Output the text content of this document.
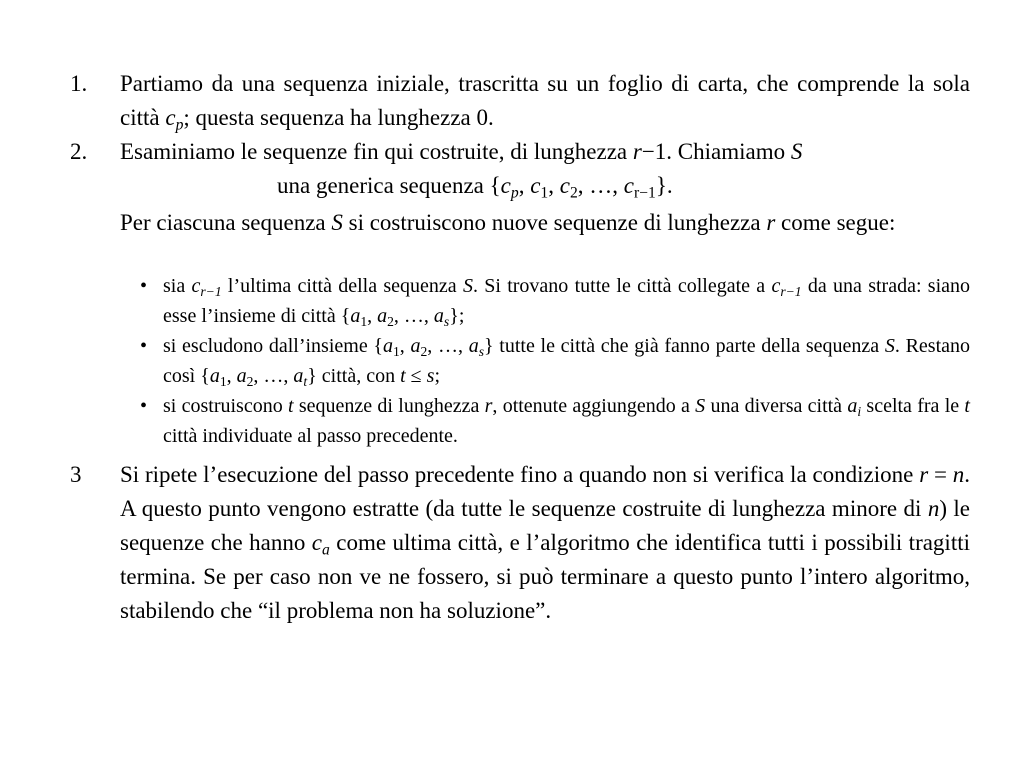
1. Partiamo da una sequenza iniziale, trascritta su un foglio di carta, che comprende la sola città $c_p$; questa sequenza ha lunghezza 0.
2. Esaminiamo le sequenze fin qui costruite, di lunghezza r−1. Chiamiamo S
una generica sequenza {$c_p$, $c_1$, $c_2$, …, $c_{r-1}$}.
Per ciascuna sequenza S si costruiscono nuove sequenze di lunghezza r come segue:
• sia $c_{r-1}$ l’ultima città della sequenza S. Si trovano tutte le città collegate a $c_{r-1}$ da una strada: siano esse l’insieme di città {$a_1$, $a_2$, …, $a_s$};
• si escludono dall’insieme {$a_1$, $a_2$, …, $a_s$} tutte le città che già fanno parte della sequenza S. Restano così {$a_1$, $a_2$, …, $a_t$} città, con t ≤ s;
• si costruiscono t sequenze di lunghezza r, ottenute aggiungendo a S una diversa città $a_i$ scelta fra le t città individuate al passo precedente.
3 Si ripete l’esecuzione del passo precedente fino a quando non si verifica la condizione r = n. A questo punto vengono estratte (da tutte le sequenze costruite di lunghezza minore di n) le sequenze che hanno $c_a$ come ultima città, e l’algoritmo che identifica tutti i possibili tragitti termina. Se per caso non ve ne fossero, si può terminare a questo punto l’intero algoritmo, stabilendo che “il problema non ha soluzione”.
